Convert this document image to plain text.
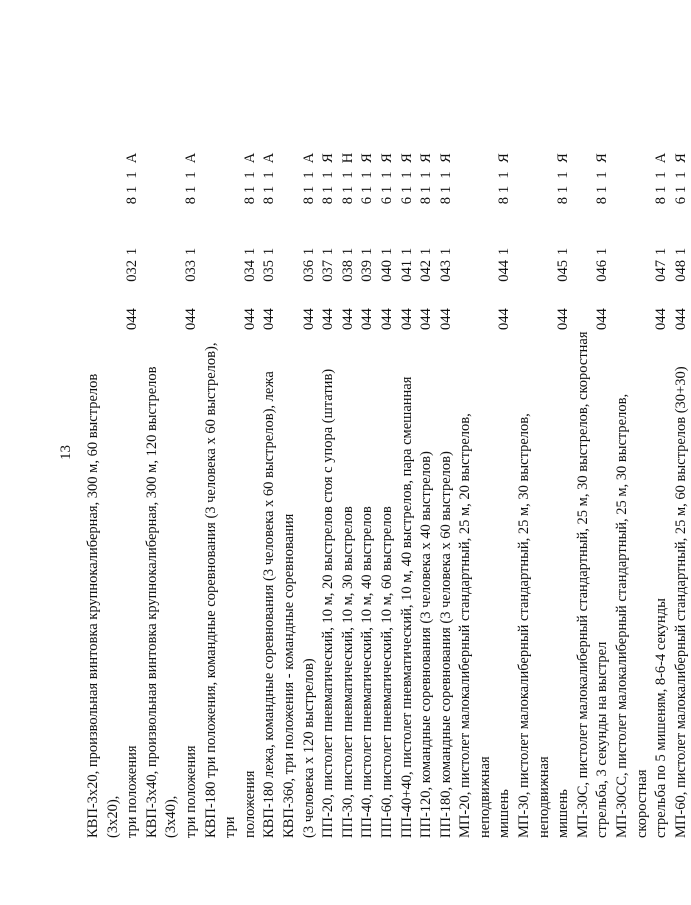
13 КВП-3х20, произвольная винтовка крупнокалиберная, 300 м, 60 выстрелов (3х20), три положения
044
032
1
8
1
1
А
КВП-3х40, произвольная винтовка крупнокалиберная, 300 м, 120 выстрелов (3х40), три положения
044
033
1
8
1
1
А
КВП-180 три положения, командные соревнования (3 человека х 60 выстрелов), три положения
044
034
1
8
1
1
А
КВП-180 лежа, командные соревнования (3 человека х 60 выстрелов), лежа
044
035
1
8
1
1
А
КВП-360, три положения - командные соревнования (3 человека х 120 выстрелов)
044
036
1
8
1
1
А
ПП-20, пистолет пневматический, 10 м, 20 выстрелов стоя с упора (штатив)
044
037
1
8
1
1
Я
ПП-30, пистолет пневматический, 10 м, 30 выстрелов
044
038
1
8
1
1
Н
ПП-40, пистолет пневматический, 10 м, 40 выстрелов
044
039
1
6
1
1
Я
ПП-60, пистолет пневматический, 10 м, 60 выстрелов
044
040
1
6
1
1
Я
ПП-40+40, пистолет пневматический, 10 м, 40 выстрелов, пара смешанная
044
041
1
6
1
1
Я
ПП-120, командные соревнования (3 человека х 40 выстрелов)
044
042
1
8
1
1
Я
ПП-180, командные соревнования (3 человека х 60 выстрелов)
044
043
1
8
1
1
Я
МП-20, пистолет малокалиберный стандартный, 25 м, 20 выстрелов, неподвижная мишень
044
044
1
8
1
1
Я
МП-30, пистолет малокалиберный стандартный, 25 м, 30 выстрелов, неподвижная мишень
044
045
1
8
1
1
Я
МП-30С, пистолет малокалиберный стандартный, 25 м, 30 выстрелов, скоростная стрельба, 3 секунды на выстрел
044
046
1
8
1
1
Я
МП-30СС, пистолет малокалиберный стандартный, 25 м, 30 выстрелов, скоростная стрельба по 5 мишеням, 8-6-4 секунды
044
047
1
8
1
1
А
МП-60, пистолет малокалиберный стандартный, 25 м, 60 выстрелов (30+30)
044
048
1
6
1
1
Я
